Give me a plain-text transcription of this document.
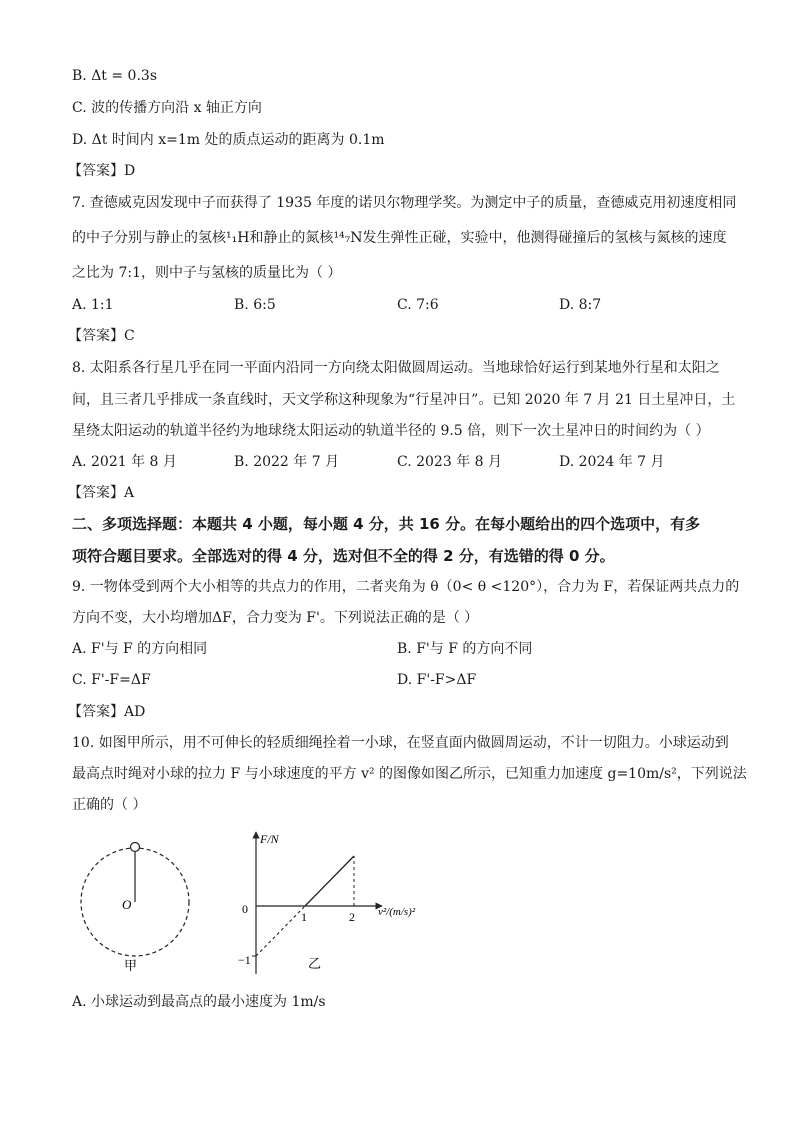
B. Δt = 0.3s
C. 波的传播方向沿 x 轴正方向
D. Δt 时间内 x=1m 处的质点运动的距离为 0.1m
【答案】D
7. 查德威克因发现中子而获得了 1935 年度的诺贝尔物理学奖。为测定中子的质量，查德威克用初速度相同
的中子分别与静止的氢核¹₁H和静止的氮核¹⁴₇N发生弹性正碰，实验中，他测得碰撞后的氢核与氮核的速度
之比为 7:1，则中子与氢核的质量比为（ ）
A. 1:1	B. 6:5	C. 7:6	D. 8:7
【答案】C
8. 太阳系各行星几乎在同一平面内沿同一方向绕太阳做圆周运动。当地球恰好运行到某地外行星和太阳之
间，且三者几乎排成一条直线时，天文学称这种现象为“行星冲日”。已知 2020 年 7 月 21 日土星冲日，土
星绕太阳运动的轨道半径约为地球绕太阳运动的轨道半径的 9.5 倍，则下一次土星冲日的时间约为（ ）
A. 2021 年 8 月	B. 2022 年 7 月	C. 2023 年 8 月	D. 2024 年 7 月
【答案】A
二、多项选择题：本题共 4 小题，每小题 4 分，共 16 分。在每小题给出的四个选项中，有多
项符合题目要求。全部选对的得 4 分，选对但不全的得 2 分，有选错的得 0 分。
9. 一物体受到两个大小相等的共点力的作用，二者夹角为 θ（0< θ <120°），合力为 F，若保证两共点力的
方向不变，大小均增加ΔF，合力变为 F'。下列说法正确的是（ ）
A. F'与 F 的方向相同	B. F'与 F 的方向不同
C. F'-F=ΔF	D. F'-F>ΔF
【答案】AD
10. 如图甲所示，用不可伸长的轻质细绳拴着一小球，在竖直面内做圆周运动，不计一切阻力。小球运动到
最高点时绳对小球的拉力 F 与小球速度的平方 v² 的图像如图乙所示，已知重力加速度 g=10m/s²，下列说法
正确的（ ）
O
甲
F/N
v²/(m/s)²
0
−1
1	2
乙
A. 小球运动到最高点的最小速度为 1m/s
